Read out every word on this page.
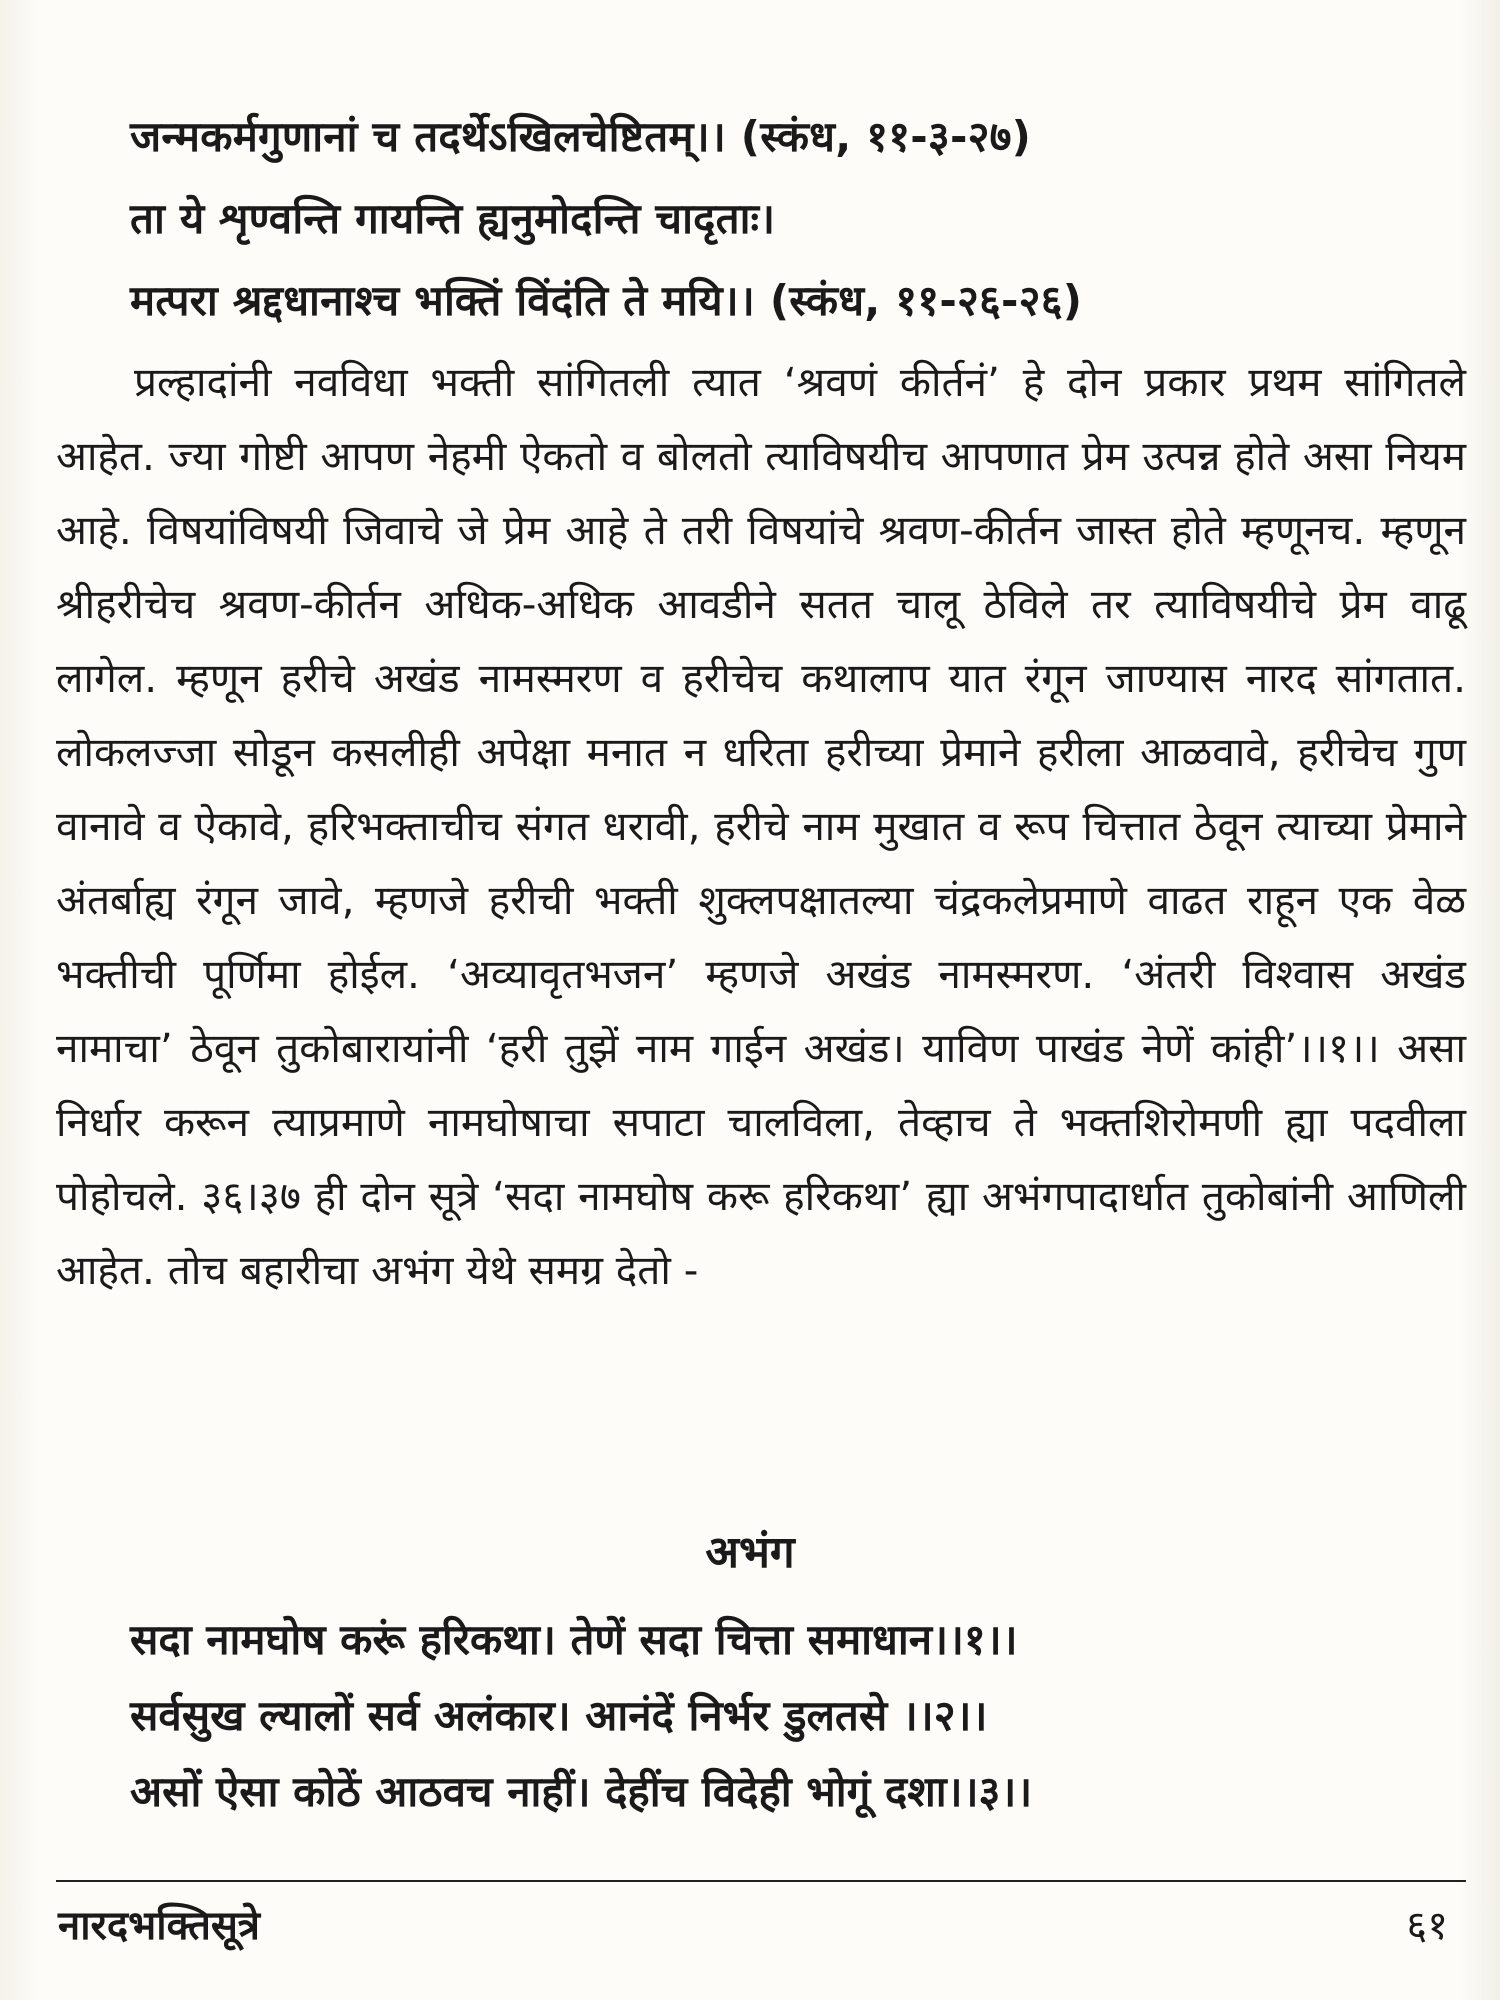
जन्मकर्मगुणानां च तदर्थेऽखिलचेष्टितम्।। (स्कंध, ११-३-२७)
ता ये शृण्वन्ति गायन्ति ह्यनुमोदन्ति चादृताः।
मत्परा श्रद्दधानाश्च भक्तिं विंदंति ते मयि।। (स्कंध, ११-२६-२६)

प्रल्हादांनी नवविधा भक्ती सांगितली त्यात ‘श्रवणं कीर्तनं’ हे दोन प्रकार प्रथम सांगितले आहेत. ज्या गोष्टी आपण नेहमी ऐकतो व बोलतो त्याविषयीच आपणात प्रेम उत्पन्न होते असा नियम आहे. विषयांविषयी जिवाचे जे प्रेम आहे ते तरी विषयांचे श्रवण-कीर्तन जास्त होते म्हणूनच. म्हणून श्रीहरीचेच श्रवण-कीर्तन अधिक-अधिक आवडीने सतत चालू ठेविले तर त्याविषयीचे प्रेम वाढू लागेल. म्हणून हरीचे अखंड नामस्मरण व हरीचेच कथालाप यात रंगून जाण्यास नारद सांगतात. लोकलज्जा सोडून कसलीही अपेक्षा मनात न धरिता हरीच्या प्रेमाने हरीला आळवावे, हरीचेच गुण वानावे व ऐकावे, हरिभक्ताचीच संगत धरावी, हरीचे नाम मुखात व रूप चित्तात ठेवून त्याच्या प्रेमाने अंतर्बाह्य रंगून जावे, म्हणजे हरीची भक्ती शुक्लपक्षातल्या चंद्रकलेप्रमाणे वाढत राहून एक वेळ भक्तीची पूर्णिमा होईल. ‘अव्यावृतभजन’ म्हणजे अखंड नामस्मरण. ‘अंतरी विश्वास अखंड नामाचा’ ठेवून तुकोबारायांनी ‘हरी तुझें नाम गाईन अखंड। याविण पाखंड नेणें कांही’।।१।। असा निर्धार करून त्याप्रमाणे नामघोषाचा सपाटा चालविला, तेव्हाच ते भक्तशिरोमणी ह्या पदवीला पोहोचले. ३६।३७ ही दोन सूत्रे ‘सदा नामघोष करू हरिकथा’ ह्या अभंगपादार्धात तुकोबांनी आणिली आहेत. तोच बहारीचा अभंग येथे समग्र देतो -

अभंग
सदा नामघोष करूं हरिकथा। तेणें सदा चित्ता समाधान।।१।।
सर्वसुख ल्यालों सर्व अलंकार। आनंदें निर्भर डुलतसे ।।२।।
असों ऐसा कोठें आठवच नाहीं। देहींच विदेही भोगूं दशा।।३।।
नारदभक्तिसूत्रे	६१
